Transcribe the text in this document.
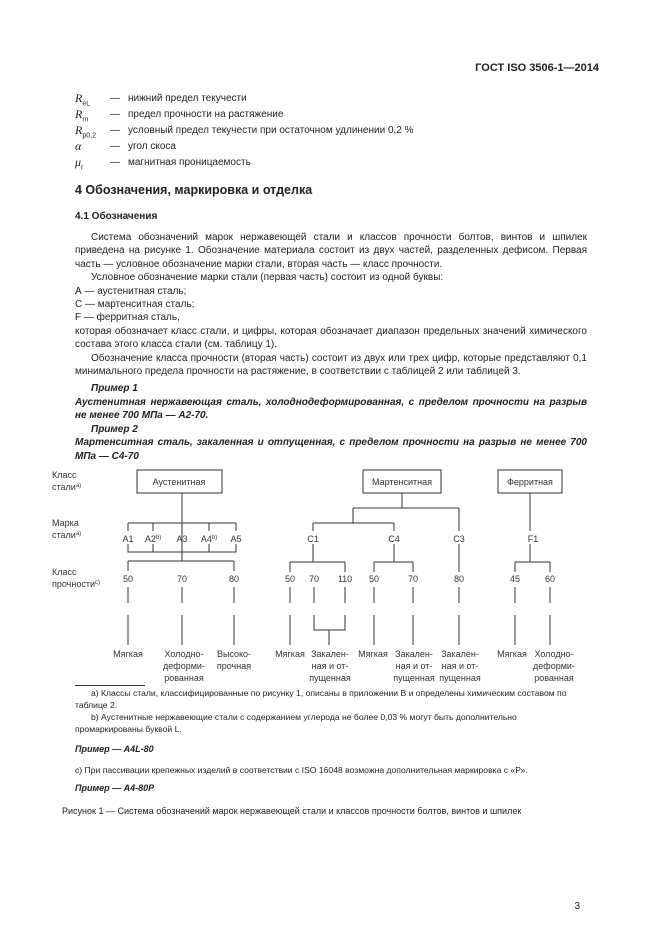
ГОСТ ISO 3506-1—2014
$R_{eL}$	— нижний предел текучести
$R_m$	— предел прочности на растяжение
$R_{p0,2}$	— условный предел текучести при остаточном удлинении 0,2 %
α	— угол скоса
$\mu_r$	— магнитная проницаемость
4 Обозначения, маркировка и отделка
4.1 Обозначения

Система обозначений марок нержавеющей стали и классов прочности болтов, винтов и шпилек приведена на рисунке 1. Обозначение материала состоит из двух частей, разделенных дефисом. Первая часть — условное обозначение марки стали, вторая часть — класс прочности.

Условное обозначение марки стали (первая часть) состоит из одной буквы:

А — аустенитная сталь;

С — мартенситная сталь;

F — ферритная сталь,

которая обозначает класс стали, и цифры, которая обозначает диапазон предельных значений химического состава этого класса стали (см. таблицу 1).

Обозначение класса прочности (вторая часть) состоит из двух или трех цифр, которые представляют 0,1 минимального предела прочности на растяжение, в соответствии с таблицей 2 или таблицей 3.

Пример 1

Аустенитная нержавеющая сталь, холоднодеформированная, с пределом прочности на разрыв не менее 700 МПа — А2-70.

Пример 2

Мартенситная сталь, закаленная и отпущенная, с пределом прочности на разрыв не менее 700 МПа — С4-70

Класс
стали$^{a)}$
Марка
стали$^{a)}$
Класс
прочности$^{c)}$
Аустенитная	Мартенситная	Ферритная
A1 A2$^{b)}$ A3 A4$^{b)}$ A5	C1	C4	C3	F1
50	70	80	50 70 110 50	70	80	45	60
Мягкая Холодно-
деформи-
рованная
Высоко-
прочная
Мягкая Закален-
ная и от-
пущенная
Мягкая Закален-
ная и от-
пущенная
Закален-
ная и от-
пущенная
Мягкая Холодно-
деформи-
рованная
a) Классы стали, классифицированные по рисунку 1, описаны в приложении В и определены химическим составом по таблице 2.
b) Аустенитные нержавеющие стали с содержанием углерода не более 0,03 % могут быть дополнительно промаркированы буквой L.
Пример — A4L-80
c) При пассивации крепежных изделий в соответствии с ISO 16048 возможна дополнительная маркировка с «Р».
Пример — A4-80P
Рисунок 1 — Система обозначений марок нержавеющей стали и классов прочности болтов, винтов и шпилек
3
